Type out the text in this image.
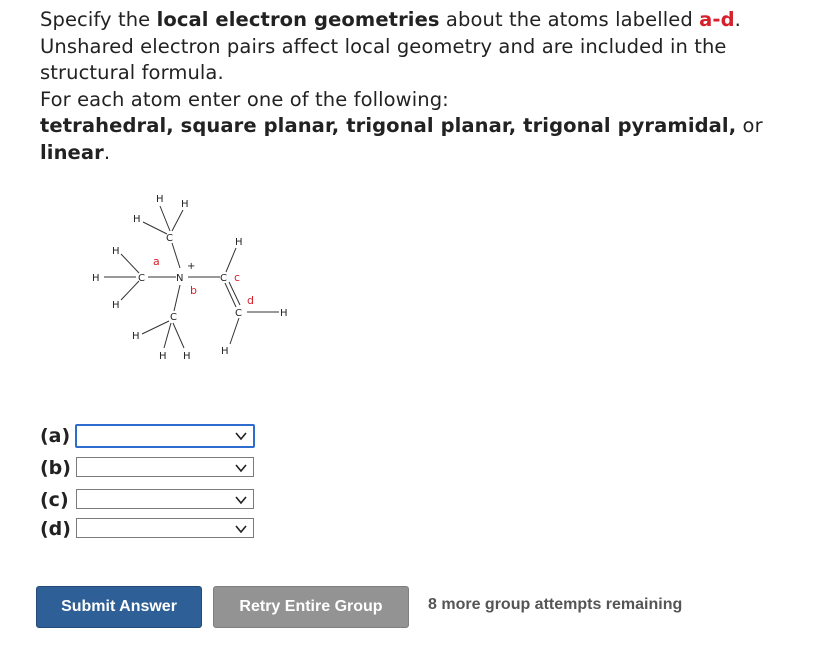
Specify the local electron geometries about the atoms labelled a-d.

Unshared electron pairs affect local geometry and are included in the structural formula.

For each atom enter one of the following:

tetrahedral, square planar, trigonal planar, trigonal pyramidal, or
linear.

C
H H
H
C
H
H
H
N
+
C
H
C
H
H H
C	H
H
a
b
c
d
(a)
(b)
(c)
(d)
Submit Answer	Retry Entire Group	8 more group attempts remaining
